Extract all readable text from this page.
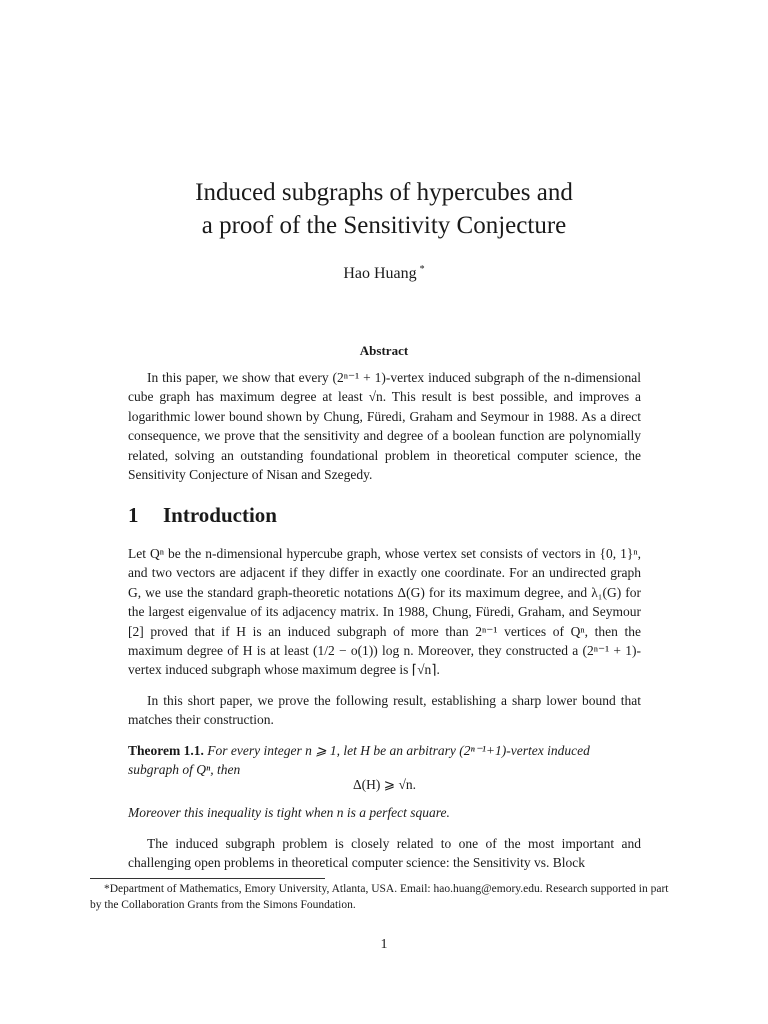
Induced subgraphs of hypercubes and
a proof of the Sensitivity Conjecture
Hao Huang *
Abstract
In this paper, we show that every (2ⁿ⁻¹ + 1)-vertex induced subgraph of the n-dimensional cube graph has maximum degree at least √n. This result is best possible, and improves a logarithmic lower bound shown by Chung, Füredi, Graham and Seymour in 1988. As a direct consequence, we prove that the sensitivity and degree of a boolean function are polynomially related, solving an outstanding foundational problem in theoretical computer science, the Sensitivity Conjecture of Nisan and Szegedy.
1 Introduction
Let Qⁿ be the n-dimensional hypercube graph, whose vertex set consists of vectors in {0, 1}ⁿ, and two vectors are adjacent if they differ in exactly one coordinate. For an undirected graph G, we use the standard graph-theoretic notations Δ(G) for its maximum degree, and λ₁(G) for the largest eigenvalue of its adjacency matrix. In 1988, Chung, Füredi, Graham, and Seymour [2] proved that if H is an induced subgraph of more than 2ⁿ⁻¹ vertices of Qⁿ, then the maximum degree of H is at least (1/2 − o(1)) log n. Moreover, they constructed a (2ⁿ⁻¹ + 1)-vertex induced subgraph whose maximum degree is ⌈√n⌉.
In this short paper, we prove the following result, establishing a sharp lower bound that matches their construction.
Theorem 1.1. For every integer n ⩾ 1, let H be an arbitrary (2ⁿ⁻¹+1)-vertex induced subgraph of Qⁿ, then
Δ(H) ⩾ √n.
Moreover this inequality is tight when n is a perfect square.
The induced subgraph problem is closely related to one of the most important and challenging open problems in theoretical computer science: the Sensitivity vs. Block
*Department of Mathematics, Emory University, Atlanta, USA. Email: hao.huang@emory.edu. Research supported in part by the Collaboration Grants from the Simons Foundation.
1
